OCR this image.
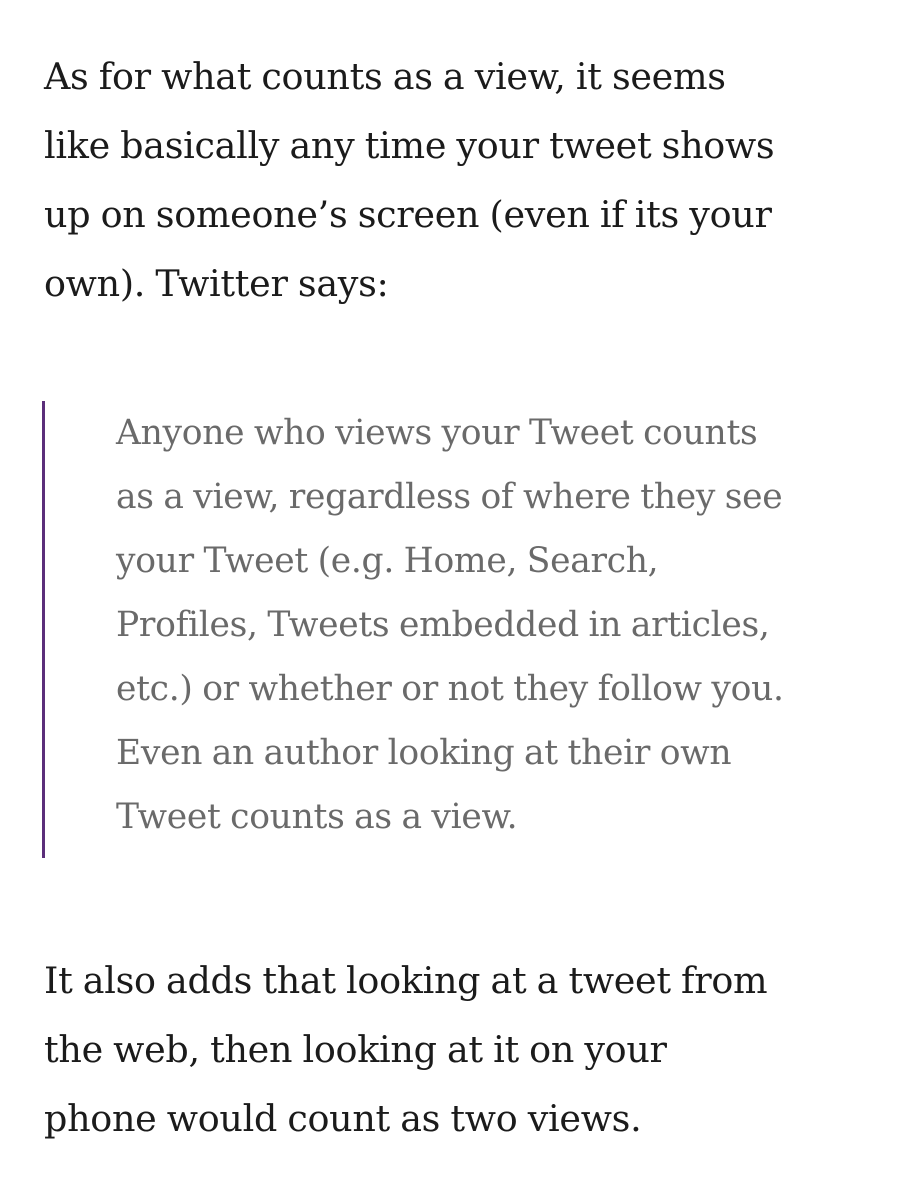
As for what counts as a view, it seems
like basically any time your tweet shows
up on someone’s screen (even if its your
own). Twitter says:

Anyone who views your Tweet counts
as a view, regardless of where they see
your Tweet (e.g. Home, Search,
Profiles, Tweets embedded in articles,
etc.) or whether or not they follow you.
Even an author looking at their own
Tweet counts as a view.

It also adds that looking at a tweet from
the web, then looking at it on your
phone would count as two views.
